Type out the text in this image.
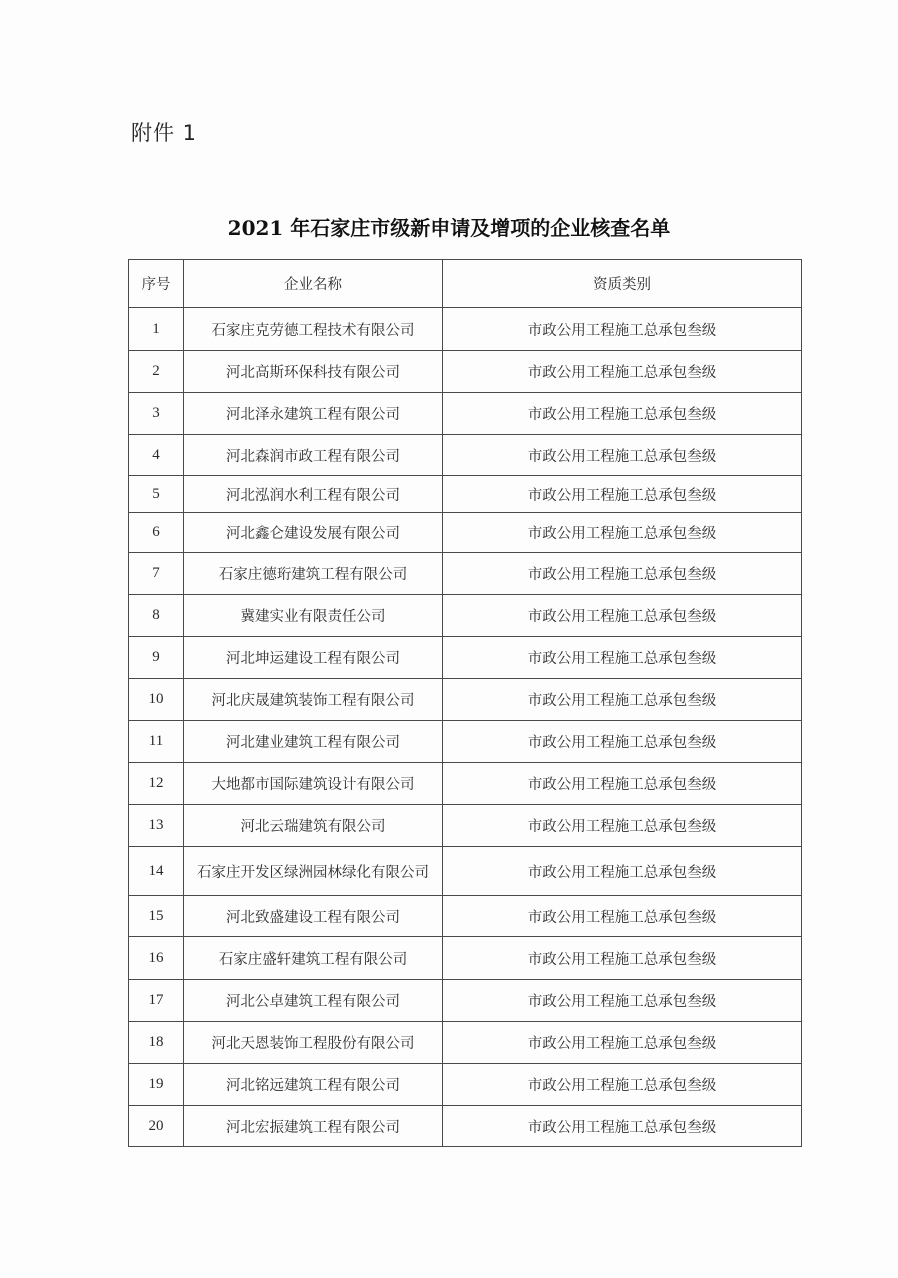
附件 1
2021 年石家庄市级新申请及增项的企业核查名单
序号	企业名称	资质类别
1	石家庄克劳德工程技术有限公司	市政公用工程施工总承包叁级
2	河北高斯环保科技有限公司	市政公用工程施工总承包叁级
3	河北泽永建筑工程有限公司	市政公用工程施工总承包叁级
4	河北森润市政工程有限公司	市政公用工程施工总承包叁级
5	河北泓润水利工程有限公司	市政公用工程施工总承包叁级
6	河北鑫仑建设发展有限公司	市政公用工程施工总承包叁级
7	石家庄德珩建筑工程有限公司	市政公用工程施工总承包叁级
8	冀建实业有限责任公司	市政公用工程施工总承包叁级
9	河北坤运建设工程有限公司	市政公用工程施工总承包叁级
10	河北庆晟建筑装饰工程有限公司	市政公用工程施工总承包叁级
11	河北建业建筑工程有限公司	市政公用工程施工总承包叁级
12	大地都市国际建筑设计有限公司	市政公用工程施工总承包叁级
13	河北云瑞建筑有限公司	市政公用工程施工总承包叁级
14	石家庄开发区绿洲园林绿化有限公司	市政公用工程施工总承包叁级
15	河北致盛建设工程有限公司	市政公用工程施工总承包叁级
16	石家庄盛轩建筑工程有限公司	市政公用工程施工总承包叁级
17	河北公卓建筑工程有限公司	市政公用工程施工总承包叁级
18	河北天恩装饰工程股份有限公司	市政公用工程施工总承包叁级
19	河北铭远建筑工程有限公司	市政公用工程施工总承包叁级
20	河北宏振建筑工程有限公司	市政公用工程施工总承包叁级
